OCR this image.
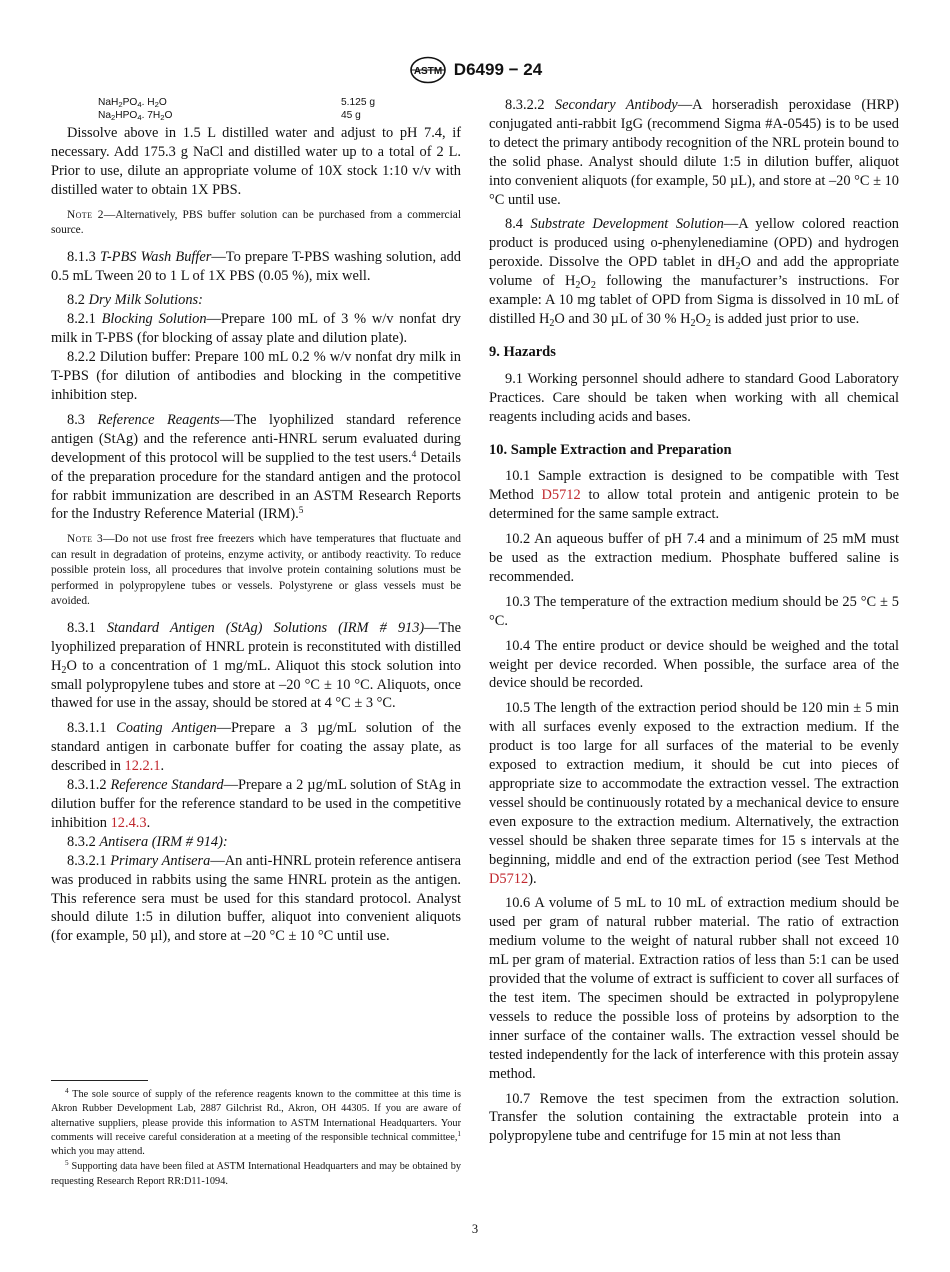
ASTM D6499 − 24
$NaH_2PO_4$. $H_2O$	5.125 g
$Na_2HPO_4$. $7H_2O$	45 g

Dissolve above in 1.5 L distilled water and adjust to pH 7.4, if necessary. Add 175.3 g NaCl and distilled water up to a total of 2 L. Prior to use, dilute an appropriate volume of 10X stock 1:10 v/v with distilled water to obtain 1X PBS.

Note 2—Alternatively, PBS buffer solution can be purchased from a commercial source.

8.1.3 T-PBS Wash Buffer—To prepare T-PBS washing solution, add 0.5 mL Tween 20 to 1 L of 1X PBS (0.05 %), mix well.

8.2 Dry Milk Solutions:

8.2.1 Blocking Solution—Prepare 100 mL of 3 % w/v nonfat dry milk in T-PBS (for blocking of assay plate and dilution plate).

8.2.2 Dilution buffer: Prepare 100 mL 0.2 % w/v nonfat dry milk in T-PBS (for dilution of antibodies and blocking in the competitive inhibition step.

8.3 Reference Reagents—The lyophilized standard reference antigen (StAg) and the reference anti-HNRL serum evaluated during development of this protocol will be supplied to the test users.$^4$ Details of the preparation procedure for the standard antigen and the protocol for rabbit immunization are described in an ASTM Research Reports for the Industry Reference Material (IRM).$^5$

Note 3—Do not use frost free freezers which have temperatures that fluctuate and can result in degradation of proteins, enzyme activity, or antibody reactivity. To reduce possible protein loss, all procedures that involve protein containing solutions must be performed in polypropylene tubes or vessels. Polystyrene or glass vessels must be avoided.

8.3.1 Standard Antigen (StAg) Solutions (IRM # 913)—The lyophilized preparation of HNRL protein is reconstituted with distilled $H_2O$ to a concentration of 1 mg/mL. Aliquot this stock solution into small polypropylene tubes and store at –20 °C ± 10 °C. Aliquots, once thawed for use in the assay, should be stored at 4 °C ± 3 °C.

8.3.1.1 Coating Antigen—Prepare a 3 µg/mL solution of the standard antigen in carbonate buffer for coating the assay plate, as described in 12.2.1.

8.3.1.2 Reference Standard—Prepare a 2 µg/mL solution of StAg in dilution buffer for the reference standard to be used in the competitive inhibition 12.4.3.

8.3.2 Antisera (IRM # 914):

8.3.2.1 Primary Antisera—An anti-HNRL protein reference antisera was produced in rabbits using the same HNRL protein as the antigen. This reference sera must be used for this standard protocol. Analyst should dilute 1:5 in dilution buffer, aliquot into convenient aliquots (for example, 50 µl), and store at –20 °C ± 10 °C until use.

$^4$ The sole source of supply of the reference reagents known to the committee at this time is Akron Rubber Development Lab, 2887 Gilchrist Rd., Akron, OH 44305. If you are aware of alternative suppliers, please provide this information to ASTM International Headquarters. Your comments will receive careful consideration at a meeting of the responsible technical committee,$^1$ which you may attend.

$^5$ Supporting data have been filed at ASTM International Headquarters and may be obtained by requesting Research Report RR:D11-1094.

8.3.2.2 Secondary Antibody—A horseradish peroxidase (HRP) conjugated anti-rabbit IgG (recommend Sigma #A-0545) is to be used to detect the primary antibody recognition of the NRL protein bound to the solid phase. Analyst should dilute 1:5 in dilution buffer, aliquot into convenient aliquots (for example, 50 µL), and store at –20 °C ± 10 °C until use.

8.4 Substrate Development Solution—A yellow colored reaction product is produced using o-phenylenediamine (OPD) and hydrogen peroxide. Dissolve the OPD tablet in $dH_2O$ and add the appropriate volume of $H_2O_2$ following the manufacturer’s instructions. For example: A 10 mg tablet of OPD from Sigma is dissolved in 10 mL of distilled $H_2O$ and 30 µL of 30 % $H_2O_2$ is added just prior to use.

9. Hazards

9.1 Working personnel should adhere to standard Good Laboratory Practices. Care should be taken when working with all chemical reagents including acids and bases.

10. Sample Extraction and Preparation

10.1 Sample extraction is designed to be compatible with Test Method D5712 to allow total protein and antigenic protein to be determined for the same sample extract.

10.2 An aqueous buffer of pH 7.4 and a minimum of 25 mM must be used as the extraction medium. Phosphate buffered saline is recommended.

10.3 The temperature of the extraction medium should be 25 °C ± 5 °C.

10.4 The entire product or device should be weighed and the total weight per device recorded. When possible, the surface area of the device should be recorded.

10.5 The length of the extraction period should be 120 min ± 5 min with all surfaces evenly exposed to the extraction medium. If the product is too large for all surfaces of the material to be evenly exposed to extraction medium, it should be cut into pieces of appropriate size to accommodate the extraction vessel. The extraction vessel should be continuously rotated by a mechanical device to ensure even exposure to the extraction medium. Alternatively, the extraction vessel should be shaken three separate times for 15 s intervals at the beginning, middle and end of the extraction period (see Test Method D5712).

10.6 A volume of 5 mL to 10 mL of extraction medium should be used per gram of natural rubber material. The ratio of extraction medium volume to the weight of natural rubber shall not exceed 10 mL per gram of material. Extraction ratios of less than 5:1 can be used provided that the volume of extract is sufficient to cover all surfaces of the test item. The specimen should be extracted in polypropylene vessels to reduce the possible loss of proteins by adsorption to the inner surface of the container walls. The extraction vessel should be tested independently for the lack of interference with this protein assay method.

10.7 Remove the test specimen from the extraction solution. Transfer the solution containing the extractable protein into a polypropylene tube and centrifuge for 15 min at not less than

3
